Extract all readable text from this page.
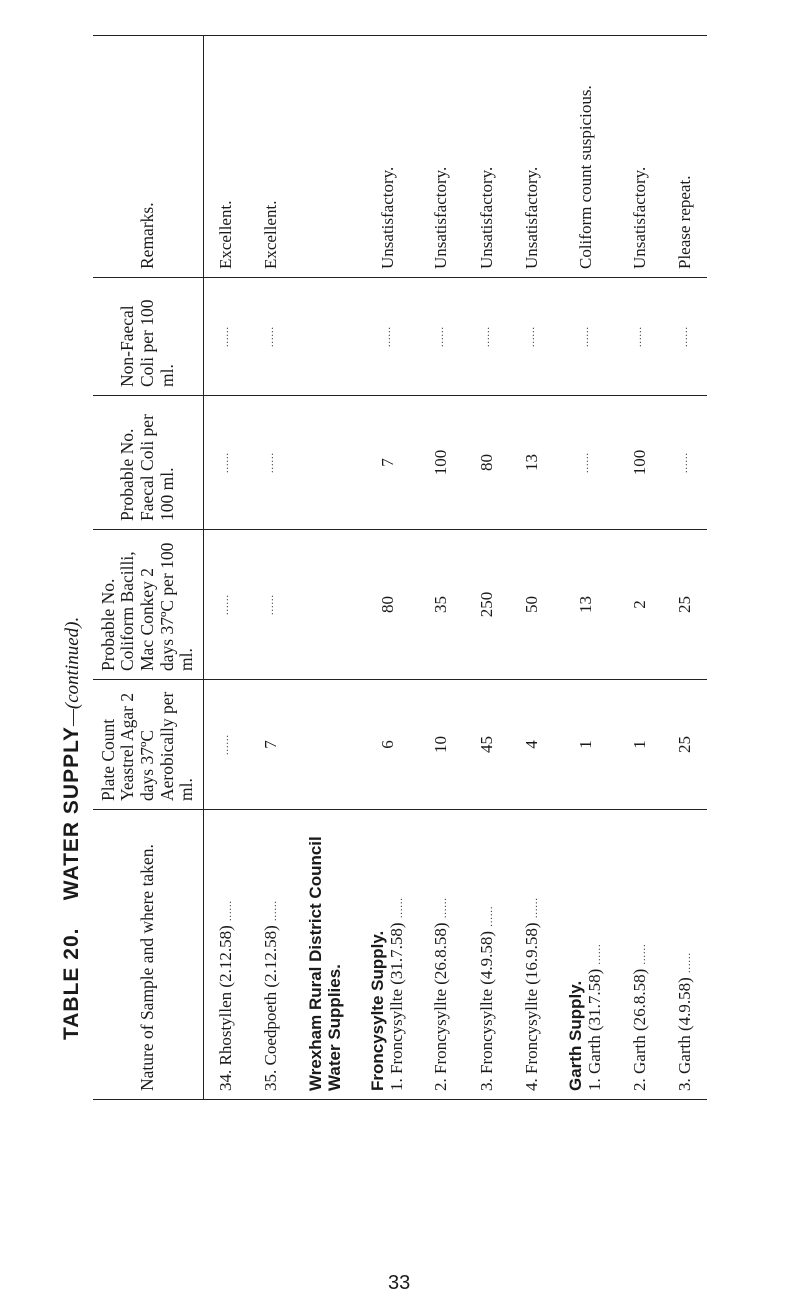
TABLE 20.    WATER SUPPLY—(continued).
Nature of Sample and where taken.	Plate Count Yeastrel Agar 2 days 37ºC Aerobically per ml.	Probable No. Coliform Bacilli, Mac Conkey 2 days 37ºC per 100 ml.	Probable No. Faecal Coli per 100 ml.	Non-Faecal Coli per 100 ml.	Remarks.
34. Rhostyllen (2.12.58) ......	......	......	......	......	Excellent.
35. Coedpoeth (2.12.58) ......	7	......	......	......	Excellent.
Wrexham Rural District Council Water Supplies.					

Froncysylte Supply. 1. Froncysyllte (31.7.58) ......	6	80	7	......	Unsatisfactory.
2. Froncysyllte (26.8.58) ......	10	35	100	......	Unsatisfactory.
3. Froncysyllte (4.9.58) ......	45	250	80	......	Unsatisfactory.
4. Froncysyllte (16.9.58) ......	4	50	13	......	Unsatisfactory.

Garth Supply. 1. Garth (31.7.58) ......	1	13	......	......	Coliform count suspicious.
2. Garth (26.8.58) ......	1	2	100	......	Unsatisfactory.
3. Garth (4.9.58) ......	25	25	......	......	Please repeat.
33
